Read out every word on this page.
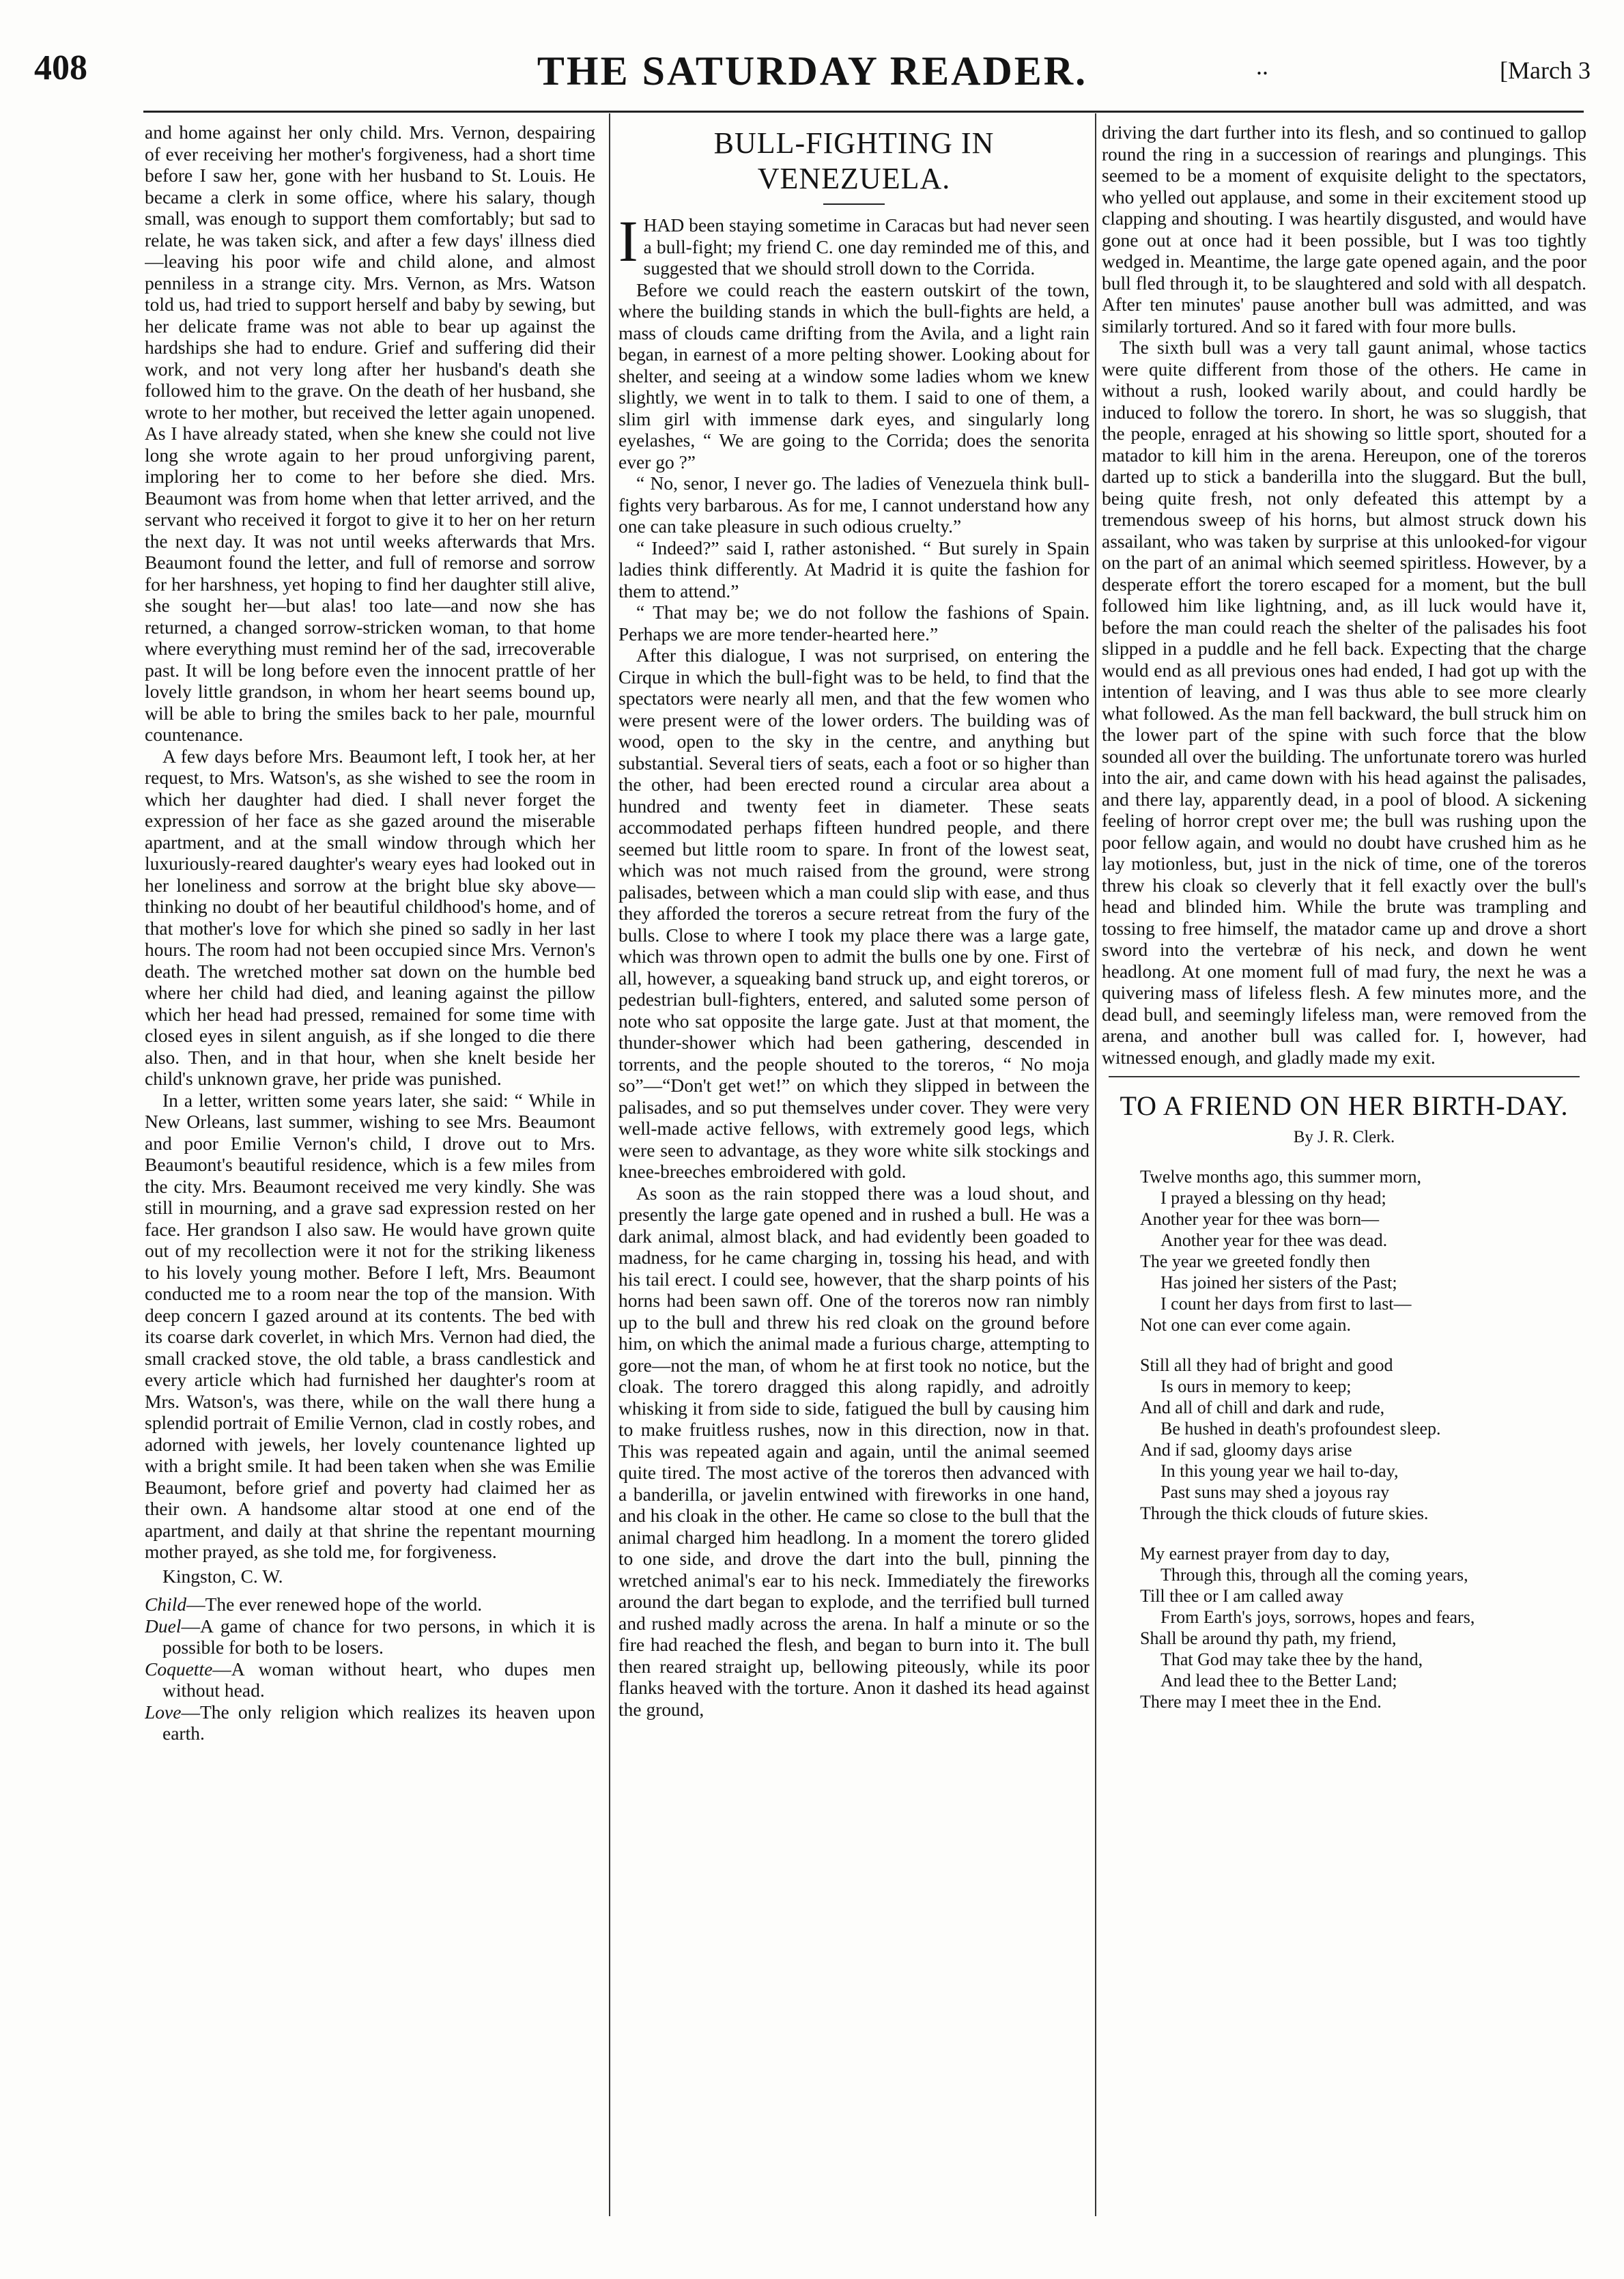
408	THE SATURDAY READER.	..	[March 3

and home against her only child. Mrs. Vernon, despairing of ever receiving her mother's forgiveness, had a short time before I saw her, gone with her husband to St. Louis. He became a clerk in some office, where his salary, though small, was enough to support them comfortably; but sad to relate, he was taken sick, and after a few days' illness died—leaving his poor wife and child alone, and almost penniless in a strange city. Mrs. Vernon, as Mrs. Watson told us, had tried to support herself and baby by sewing, but her delicate frame was not able to bear up against the hardships she had to endure. Grief and suffering did their work, and not very long after her husband's death she followed him to the grave. On the death of her husband, she wrote to her mother, but received the letter again unopened. As I have already stated, when she knew she could not live long she wrote again to her proud unforgiving parent, imploring her to come to her before she died. Mrs. Beaumont was from home when that letter arrived, and the servant who received it forgot to give it to her on her return the next day. It was not until weeks afterwards that Mrs. Beaumont found the letter, and full of remorse and sorrow for her harshness, yet hoping to find her daughter still alive, she sought her—but alas! too late—and now she has returned, a changed sorrow-stricken woman, to that home where everything must remind her of the sad, irrecoverable past. It will be long before even the innocent prattle of her lovely little grandson, in whom her heart seems bound up, will be able to bring the smiles back to her pale, mournful countenance.

A few days before Mrs. Beaumont left, I took her, at her request, to Mrs. Watson's, as she wished to see the room in which her daughter had died. I shall never forget the expression of her face as she gazed around the miserable apartment, and at the small window through which her luxuriously-reared daughter's weary eyes had looked out in her loneliness and sorrow at the bright blue sky above—thinking no doubt of her beautiful childhood's home, and of that mother's love for which she pined so sadly in her last hours. The room had not been occupied since Mrs. Vernon's death. The wretched mother sat down on the humble bed where her child had died, and leaning against the pillow which her head had pressed, remained for some time with closed eyes in silent anguish, as if she longed to die there also. Then, and in that hour, when she knelt beside her child's unknown grave, her pride was punished.

In a letter, written some years later, she said: “ While in New Orleans, last summer, wishing to see Mrs. Beaumont and poor Emilie Vernon's child, I drove out to Mrs. Beaumont's beautiful residence, which is a few miles from the city. Mrs. Beaumont received me very kindly. She was still in mourning, and a grave sad expression rested on her face. Her grandson I also saw. He would have grown quite out of my recollection were it not for the striking likeness to his lovely young mother. Before I left, Mrs. Beaumont conducted me to a room near the top of the mansion. With deep concern I gazed around at its contents. The bed with its coarse dark coverlet, in which Mrs. Vernon had died, the small cracked stove, the old table, a brass candlestick and every article which had furnished her daughter's room at Mrs. Watson's, was there, while on the wall there hung a splendid portrait of Emilie Vernon, clad in costly robes, and adorned with jewels, her lovely countenance lighted up with a bright smile. It had been taken when she was Emilie Beaumont, before grief and poverty had claimed her as their own. A handsome altar stood at one end of the apartment, and daily at that shrine the repentant mourning mother prayed, as she told me, for forgiveness.

Kingston, C. W.

Child—The ever renewed hope of the world.

Duel—A game of chance for two persons, in which it is possible for both to be losers.

Coquette—A woman without heart, who dupes men without head.

Love—The only religion which realizes its heaven upon earth.

BULL-FIGHTING IN VENEZUELA.

IHAD been staying sometime in Caracas but had never seen a bull-fight; my friend C. one day reminded me of this, and suggested that we should stroll down to the Corrida.

Before we could reach the eastern outskirt of the town, where the building stands in which the bull-fights are held, a mass of clouds came drifting from the Avila, and a light rain began, in earnest of a more pelting shower. Looking about for shelter, and seeing at a window some ladies whom we knew slightly, we went in to talk to them. I said to one of them, a slim girl with immense dark eyes, and singularly long eyelashes, “ We are going to the Corrida; does the senorita ever go ?”

“ No, senor, I never go. The ladies of Venezuela think bull-fights very barbarous. As for me, I cannot understand how any one can take pleasure in such odious cruelty.”

“ Indeed?” said I, rather astonished. “ But surely in Spain ladies think differently. At Madrid it is quite the fashion for them to attend.”

“ That may be; we do not follow the fashions of Spain. Perhaps we are more tender-hearted here.”

After this dialogue, I was not surprised, on entering the Cirque in which the bull-fight was to be held, to find that the spectators were nearly all men, and that the few women who were present were of the lower orders. The building was of wood, open to the sky in the centre, and anything but substantial. Several tiers of seats, each a foot or so higher than the other, had been erected round a circular area about a hundred and twenty feet in diameter. These seats accommodated perhaps fifteen hundred people, and there seemed but little room to spare. In front of the lowest seat, which was not much raised from the ground, were strong palisades, between which a man could slip with ease, and thus they afforded the toreros a secure retreat from the fury of the bulls. Close to where I took my place there was a large gate, which was thrown open to admit the bulls one by one. First of all, however, a squeaking band struck up, and eight toreros, or pedestrian bull-fighters, entered, and saluted some person of note who sat opposite the large gate. Just at that moment, the thunder-shower which had been gathering, descended in torrents, and the people shouted to the toreros, “ No moja so”—“Don't get wet!” on which they slipped in between the palisades, and so put themselves under cover. They were very well-made active fellows, with extremely good legs, which were seen to advantage, as they wore white silk stockings and knee-breeches embroidered with gold.

As soon as the rain stopped there was a loud shout, and presently the large gate opened and in rushed a bull. He was a dark animal, almost black, and had evidently been goaded to madness, for he came charging in, tossing his head, and with his tail erect. I could see, however, that the sharp points of his horns had been sawn off. One of the toreros now ran nimbly up to the bull and threw his red cloak on the ground before him, on which the animal made a furious charge, attempting to gore—not the man, of whom he at first took no notice, but the cloak. The torero dragged this along rapidly, and adroitly whisking it from side to side, fatigued the bull by causing him to make fruitless rushes, now in this direction, now in that. This was repeated again and again, until the animal seemed quite tired. The most active of the toreros then advanced with a banderilla, or javelin entwined with fireworks in one hand, and his cloak in the other. He came so close to the bull that the animal charged him headlong. In a moment the torero glided to one side, and drove the dart into the bull, pinning the wretched animal's ear to his neck. Immediately the fireworks around the dart began to explode, and the terrified bull turned and rushed madly across the arena. In half a minute or so the fire had reached the flesh, and began to burn into it. The bull then reared straight up, bellowing piteously, while its poor flanks heaved with the torture. Anon it dashed its head against the ground,

driving the dart further into its flesh, and so continued to gallop round the ring in a succession of rearings and plungings. This seemed to be a moment of exquisite delight to the spectators, who yelled out applause, and some in their excitement stood up clapping and shouting. I was heartily disgusted, and would have gone out at once had it been possible, but I was too tightly wedged in. Meantime, the large gate opened again, and the poor bull fled through it, to be slaughtered and sold with all despatch. After ten minutes' pause another bull was admitted, and was similarly tortured. And so it fared with four more bulls.

The sixth bull was a very tall gaunt animal, whose tactics were quite different from those of the others. He came in without a rush, looked warily about, and could hardly be induced to follow the torero. In short, he was so sluggish, that the people, enraged at his showing so little sport, shouted for a matador to kill him in the arena. Hereupon, one of the toreros darted up to stick a banderilla into the sluggard. But the bull, being quite fresh, not only defeated this attempt by a tremendous sweep of his horns, but almost struck down his assailant, who was taken by surprise at this unlooked-for vigour on the part of an animal which seemed spiritless. However, by a desperate effort the torero escaped for a moment, but the bull followed him like lightning, and, as ill luck would have it, before the man could reach the shelter of the palisades his foot slipped in a puddle and he fell back. Expecting that the charge would end as all previous ones had ended, I had got up with the intention of leaving, and I was thus able to see more clearly what followed. As the man fell backward, the bull struck him on the lower part of the spine with such force that the blow sounded all over the building. The unfortunate torero was hurled into the air, and came down with his head against the palisades, and there lay, apparently dead, in a pool of blood. A sickening feeling of horror crept over me; the bull was rushing upon the poor fellow again, and would no doubt have crushed him as he lay motionless, but, just in the nick of time, one of the toreros threw his cloak so cleverly that it fell exactly over the bull's head and blinded him. While the brute was trampling and tossing to free himself, the matador came up and drove a short sword into the vertebræ of his neck, and down he went headlong. At one moment full of mad fury, the next he was a quivering mass of lifeless flesh. A few minutes more, and the dead bull, and seemingly lifeless man, were removed from the arena, and another bull was called for. I, however, had witnessed enough, and gladly made my exit.

TO A FRIEND ON HER BIRTH-DAY.
By J. R. Clerk.
Twelve months ago, this summer morn,
I prayed a blessing on thy head;
Another year for thee was born—
Another year for thee was dead.
The year we greeted fondly then
Has joined her sisters of the Past;
I count her days from first to last—
Not one can ever come again.
Still all they had of bright and good
Is ours in memory to keep;
And all of chill and dark and rude,
Be hushed in death's profoundest sleep.
And if sad, gloomy days arise
In this young year we hail to-day,
Past suns may shed a joyous ray
Through the thick clouds of future skies.
My earnest prayer from day to day,
Through this, through all the coming years,
Till thee or I am called away
From Earth's joys, sorrows, hopes and fears,
Shall be around thy path, my friend,
That God may take thee by the hand,
And lead thee to the Better Land;
There may I meet thee in the End.
